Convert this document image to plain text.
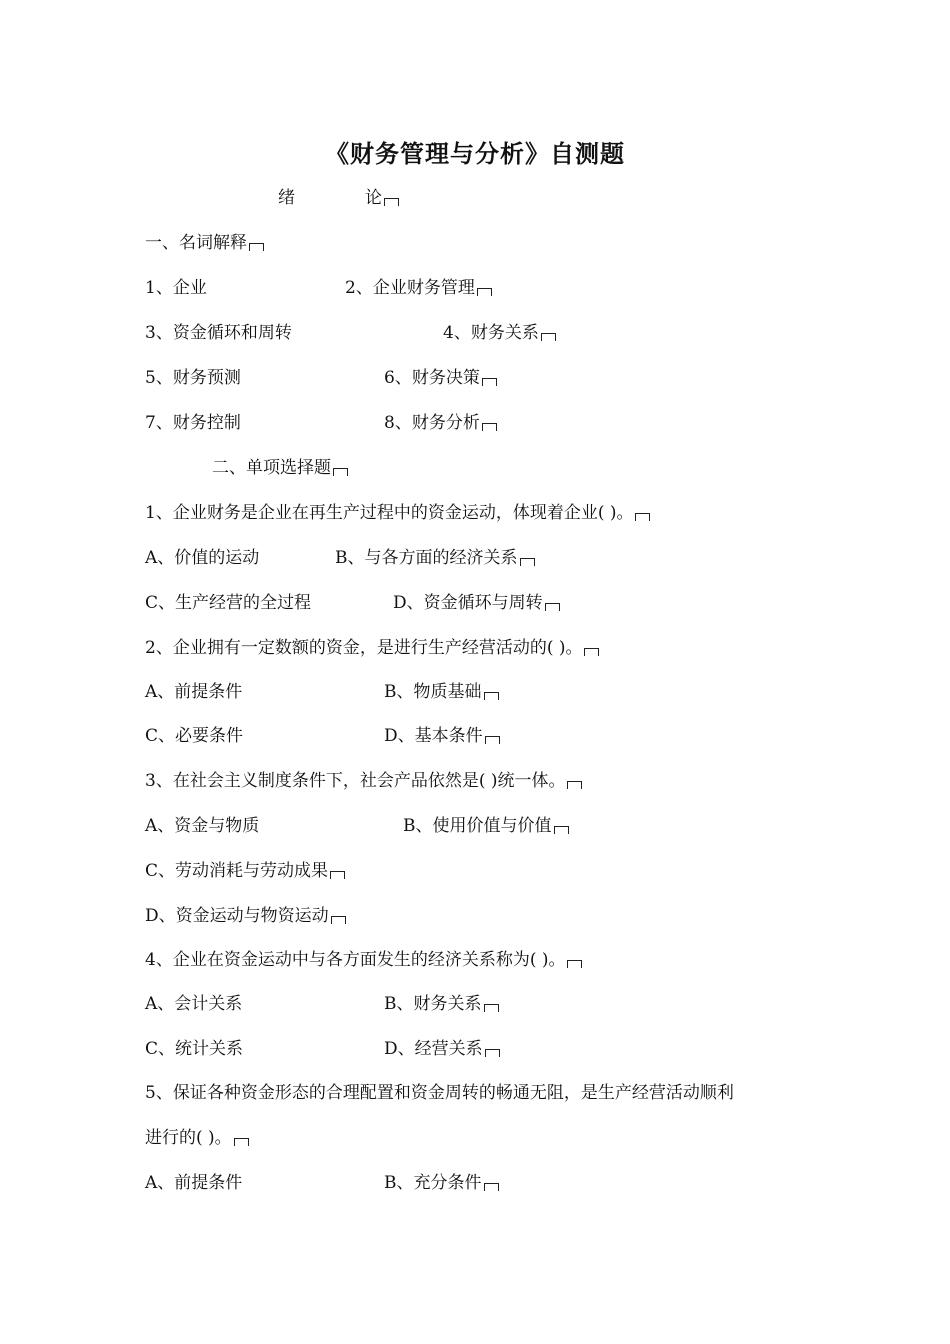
《财务管理与分析》自测题
绪	论
一、名词解释
1、企业	2、企业财务管理
3、资金循环和周转	4、财务关系
5、财务预测	6、财务决策
7、财务控制	8、财务分析
二、单项选择题
1、企业财务是企业在再生产过程中的资金运动，体现着企业( )。
A、价值的运动	B、与各方面的经济关系
C、生产经营的全过程	D、资金循环与周转
2、企业拥有一定数额的资金，是进行生产经营活动的( )。
A、前提条件	B、物质基础
C、必要条件	D、基本条件
3、在社会主义制度条件下，社会产品依然是( )统一体。
A、资金与物质	B、使用价值与价值
C、劳动消耗与劳动成果
D、资金运动与物资运动
4、企业在资金运动中与各方面发生的经济关系称为( )。
A、会计关系	B、财务关系
C、统计关系	D、经营关系
5、保证各种资金形态的合理配置和资金周转的畅通无阻，是生产经营活动顺利
进行的( )。
A、前提条件	B、充分条件
